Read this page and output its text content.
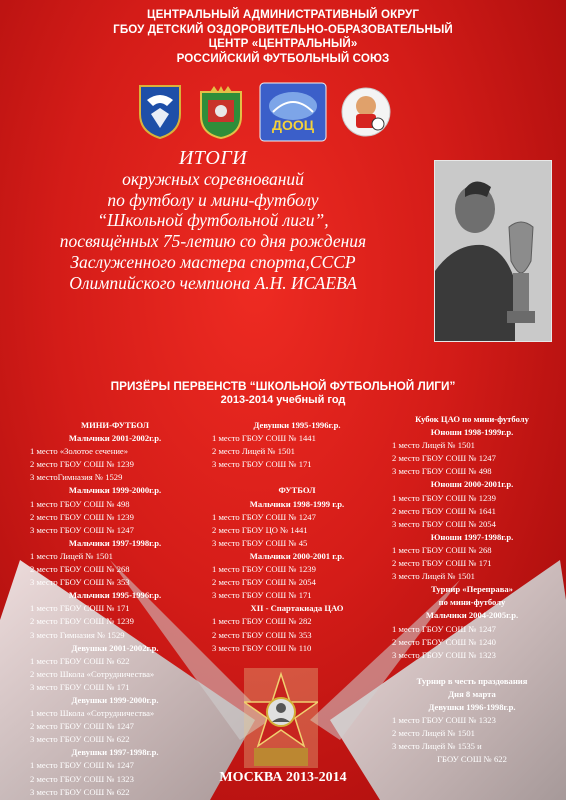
ЦЕНТРАЛЬНЫЙ АДМИНИСТРАТИВНЫЙ ОКРУГ
ГБОУ ДЕТСКИЙ ОЗДОРОВИТЕЛЬНО-ОБРАЗОВАТЕЛЬНЫЙ
ЦЕНТР «ЦЕНТРАЛЬНЫЙ»
РОССИЙСКИЙ ФУТБОЛЬНЫЙ СОЮЗ
ДООЦ
ИТОГИ
окружных соревнований
по футболу и мини-футболу
“Школьной футбольной лиги”,
посвящённых 75-летию со дня рождения
Заслуженного мастера спорта,СССР
Олимпийского чемпиона А.Н. ИСАЕВА
ПРИЗЁРЫ ПЕРВЕНСТВ “ШКОЛЬНОЙ ФУТБОЛЬНОЙ ЛИГИ”
2013-2014 учебный год
МИНИ-ФУТБОЛ
Мальчики 2001-2002г.р.
1 место «Золотое сечение»
2 место ГБОУ СОШ № 1239
3 местоГимназия № 1529
Мальчики 1999-2000г.р.
1 место ГБОУ СОШ № 498
2 место ГБОУ СОШ № 1239
3 место ГБОУ СОШ № 1247
Мальчики 1997-1998г.р.
1 место Лицей № 1501
2 место ГБОУ СОШ № 268
3 место ГБОУ СОШ № 353
Мальчики 1995-1996г.р.
1 место ГБОУ СОШ № 171
2 место ГБОУ СОШ № 1239
3 место Гимназия № 1529
Девушки 2001-2002г.р.
1 место ГБОУ СОШ № 622
2 место Школа «Сотрудничества»
3 место ГБОУ СОШ № 171
Девушки 1999-2000г.р.
1 место Школа «Сотрудничества»
2 место ГБОУ СОШ № 1247
3 место ГБОУ СОШ № 622
Девушки 1997-1998г.р.
1 место ГБОУ СОШ № 1247
2 место ГБОУ СОШ № 1323
3 место ГБОУ СОШ № 622
Девушки 1995-1996г.р.
1 место ГБОУ СОШ № 1441
2 место Лицей № 1501
3 место ГБОУ СОШ № 171
ФУТБОЛ
Мальчики 1998-1999 г.р.
1 место ГБОУ СОШ № 1247
2 место ГБОУ ЦО № 1441
3 место ГБОУ СОШ № 45
Мальчики 2000-2001 г.р.
1 место ГБОУ СОШ № 1239
2 место ГБОУ СОШ № 2054
3 место ГБОУ СОШ № 171
XII - Спартакиада ЦАО
1 место ГБОУ СОШ № 282
2 место ГБОУ СОШ № 353
3 место ГБОУ СОШ № 110
Кубок ЦАО по мини-футболу
Юноши 1998-1999г.р.
1 место Лицей № 1501
2 место ГБОУ СОШ № 1247
3 место ГБОУ СОШ № 498
Юноши 2000-2001г.р.
1 место ГБОУ СОШ № 1239
2 место ГБОУ СОШ № 1641
3 место ГБОУ СОШ № 2054
Юноши 1997-1998г.р.
1 место ГБОУ СОШ № 268
2 место ГБОУ СОШ № 171
3 место Лицей № 1501
Турнир «Переправа»
по мини-футболу
Мальчики 2004-2005г.р.
1 место ГБОУ СОШ № 1247
2 место ГБОУ СОШ № 1240
3 место ГБОУ СОШ № 1323
Турнир в честь праздования
Дня 8 марта
Девушки 1996-1998г.р.
1 место ГБОУ СОШ № 1323
2 место Лицей № 1501
3 место Лицей № 1535 и
ГБОУ СОШ № 622
МОСКВА 2013-2014
